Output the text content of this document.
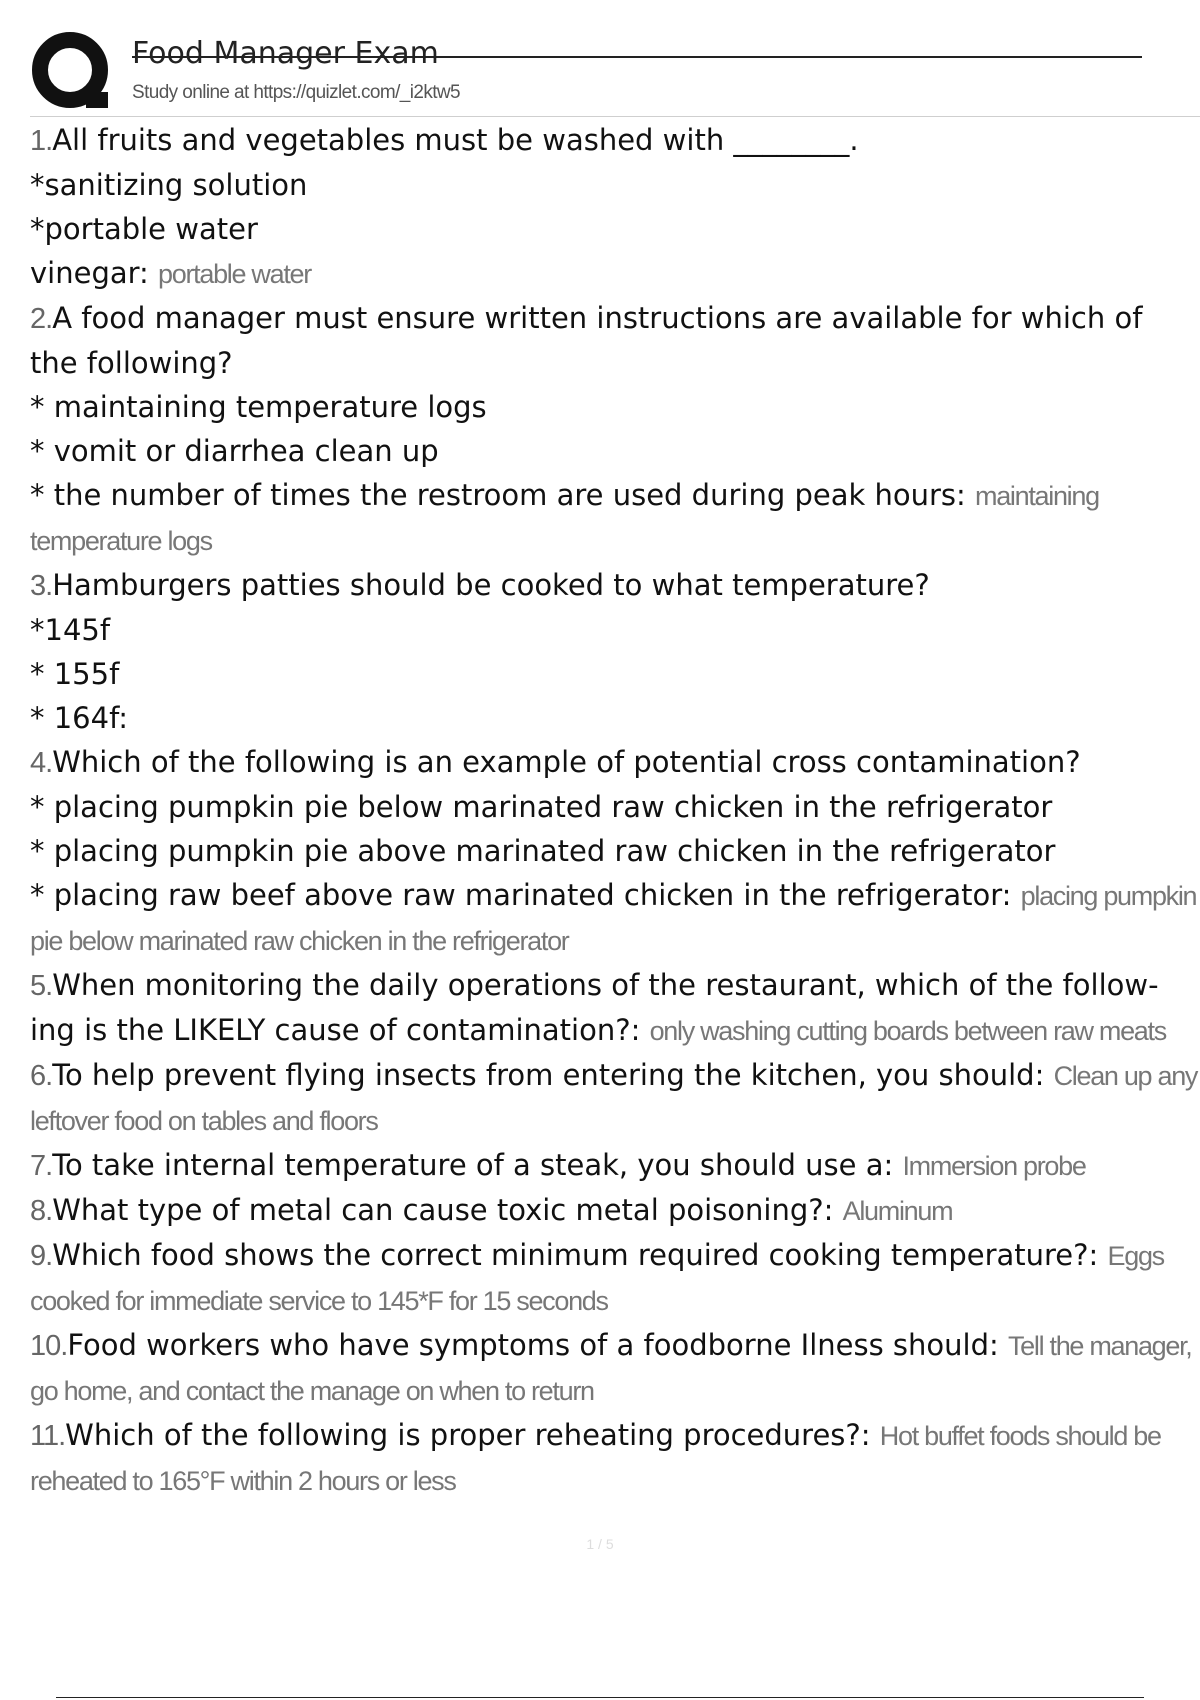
Food Manager Exam
Study online at https://quizlet.com/_i2ktw5
1.All fruits and vegetables must be washed with ________.
*sanitizing solution
*portable water
vinegar: portable water
2.A food manager must ensure written instructions are available for which of
the following?
* maintaining temperature logs
* vomit or diarrhea clean up
* the number of times the restroom are used during peak hours: maintaining
temperature logs
3.Hamburgers patties should be cooked to what temperature?
*145f
* 155f
* 164f:
4.Which of the following is an example of potential cross contamination?
* placing pumpkin pie below marinated raw chicken in the refrigerator
* placing pumpkin pie above marinated raw chicken in the refrigerator
* placing raw beef above raw marinated chicken in the refrigerator: placing pumpkin
pie below marinated raw chicken in the refrigerator
5.When monitoring the daily operations of the restaurant, which of the follow-
ing is the LIKELY cause of contamination?: only washing cutting boards between raw meats
6.To help prevent flying insects from entering the kitchen, you should: Clean up any
leftover food on tables and floors
7.To take internal temperature of a steak, you should use a: Immersion probe
8.What type of metal can cause toxic metal poisoning?: Aluminum
9.Which food shows the correct minimum required cooking temperature?: Eggs
cooked for immediate service to 145*F for 15 seconds
10.Food workers who have symptoms of a foodborne Ilness should: Tell the manager,
go home, and contact the manage on when to return
11.Which of the following is proper reheating procedures?: Hot buffet foods should be
reheated to 165°F within 2 hours or less
1 / 5
